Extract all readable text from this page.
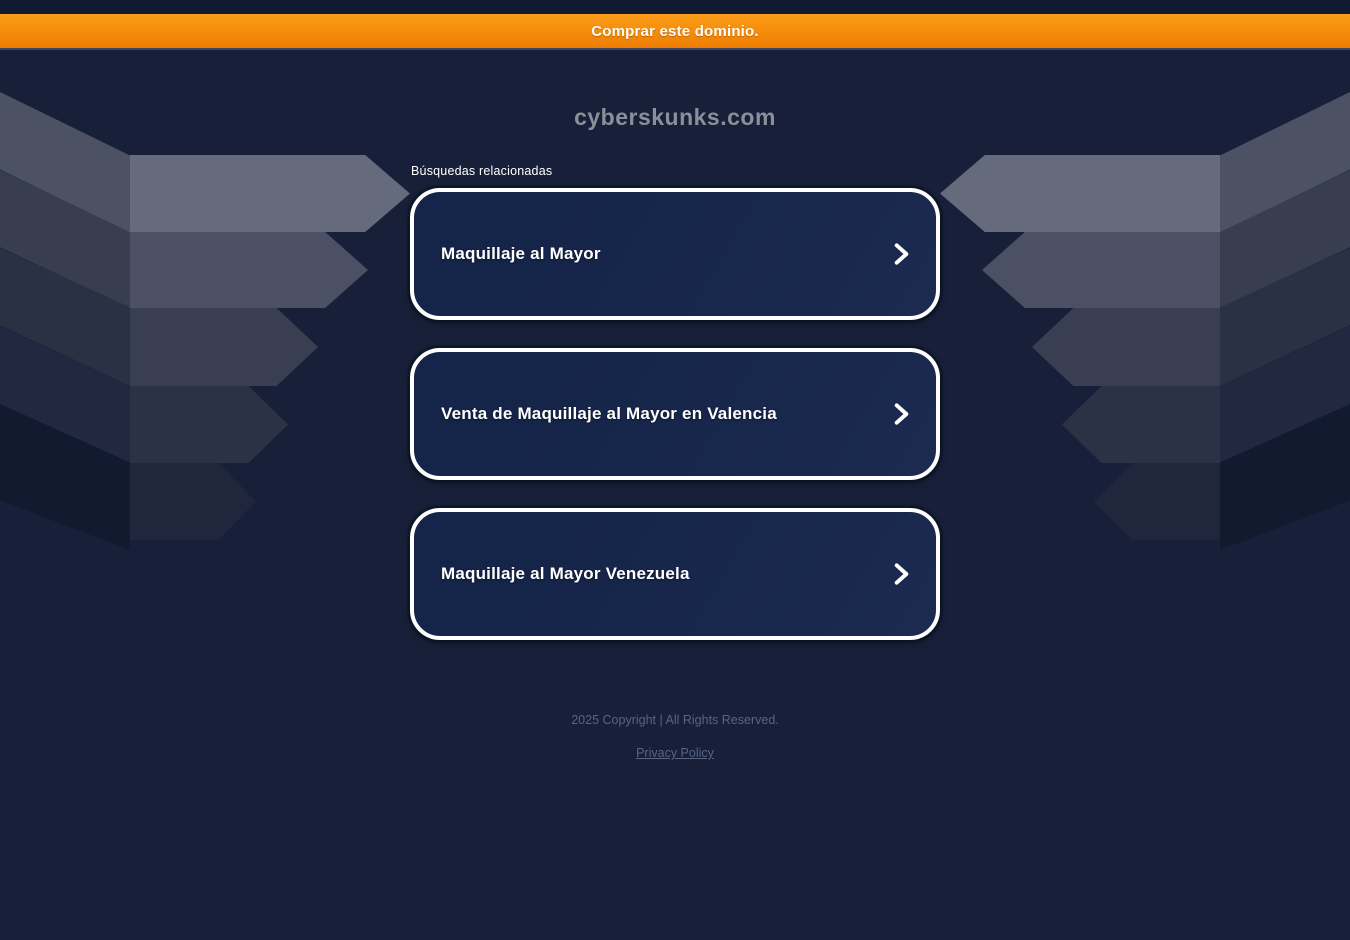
Comprar este dominio.
cyberskunks.com
Búsquedas relacionadas
Maquillaje al Mayor
Venta de Maquillaje al Mayor en Valencia
Maquillaje al Mayor Venezuela
2025 Copyright | All Rights Reserved.
Privacy Policy
